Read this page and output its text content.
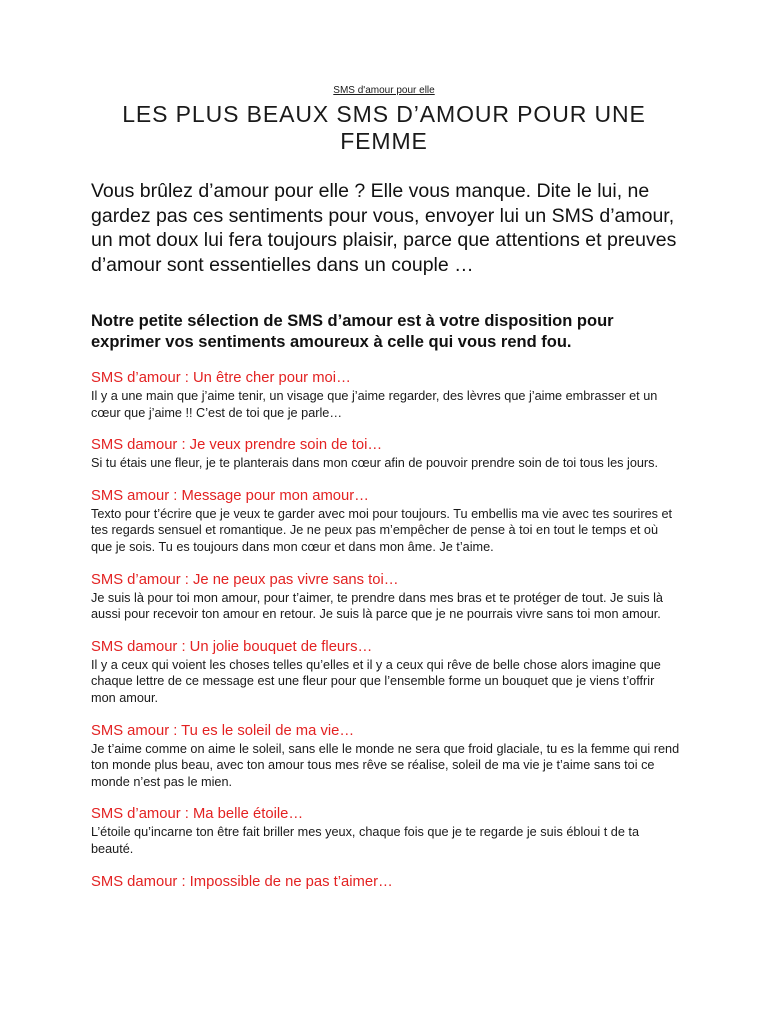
SMS d'amour pour elle
LES PLUS BEAUX SMS D’AMOUR POUR UNE FEMME

Vous brûlez d’amour pour elle ? Elle vous manque. Dite le lui, ne gardez pas ces sentiments pour vous, envoyer lui un SMS d’amour, un mot doux lui fera toujours plaisir, parce que attentions et preuves d’amour sont essentielles dans un couple …

Notre petite sélection de SMS d’amour est à votre disposition pour exprimer vos sentiments amoureux à celle qui vous rend fou.

SMS d’amour : Un être cher pour moi…
Il y a une main que j’aime tenir, un visage que j’aime regarder, des lèvres que j’aime embrasser et un cœur que j’aime !! C’est de toi que je parle…
SMS damour : Je veux prendre soin de toi…
Si tu étais une fleur, je te planterais dans mon cœur afin de pouvoir prendre soin de toi tous les jours.
SMS amour : Message pour mon amour…
Texto pour t’écrire que je veux te garder avec moi pour toujours. Tu embellis ma vie avec tes sourires et tes regards sensuel et romantique. Je ne peux pas m’empêcher de pense à toi en tout le temps et où que je sois. Tu es toujours dans mon cœur et dans mon âme. Je t’aime.
SMS d’amour : Je ne peux pas vivre sans toi…
Je suis là pour toi mon amour, pour t’aimer, te prendre dans mes bras et te protéger de tout. Je suis là aussi pour recevoir ton amour en retour. Je suis là parce que je ne pourrais vivre sans toi mon amour.
SMS damour : Un jolie bouquet de fleurs…
Il y a ceux qui voient les choses telles qu’elles et il y a ceux qui rêve de belle chose alors imagine que chaque lettre de ce message est une fleur pour que l’ensemble forme un bouquet que je viens t’offrir mon amour.
SMS amour : Tu es le soleil de ma vie…
Je t’aime comme on aime le soleil, sans elle le monde ne sera que froid glaciale, tu es la femme qui rend ton monde plus beau, avec ton amour tous mes rêve se réalise, soleil de ma vie je t’aime sans toi ce monde n’est pas le mien.
SMS d’amour : Ma belle étoile…
L’étoile qu’incarne ton être fait briller mes yeux, chaque fois que je te regarde je suis ébloui t de ta beauté.
SMS damour : Impossible de ne pas t’aimer…
